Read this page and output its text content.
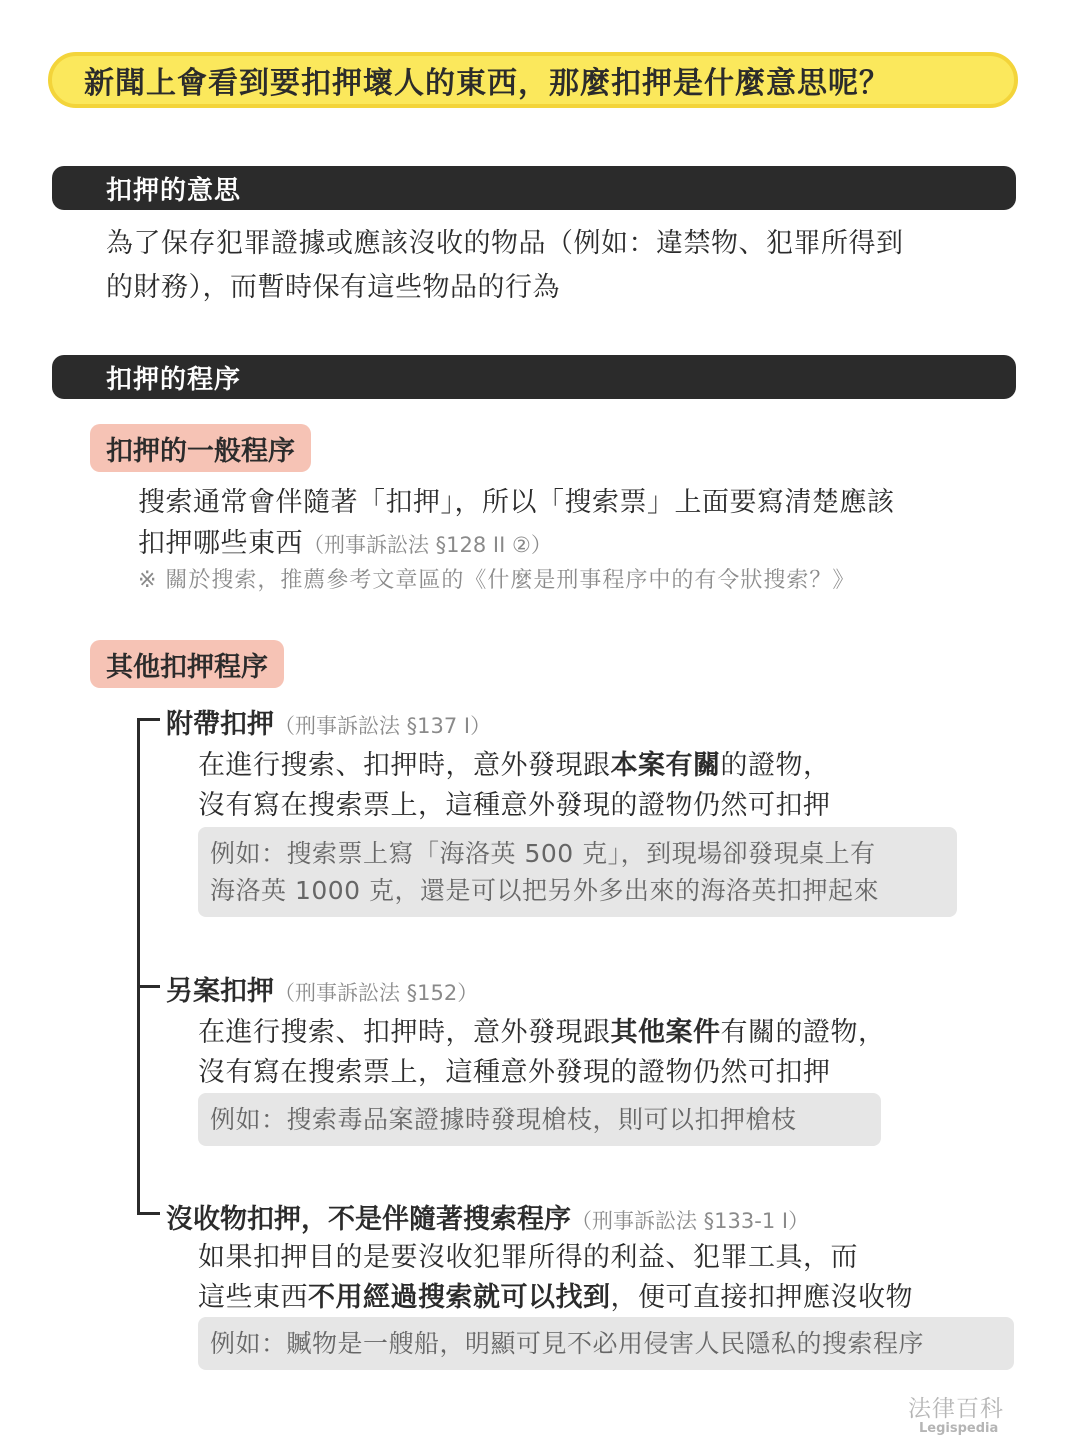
新聞上會看到要扣押壞人的東西，那麼扣押是什麼意思呢？
扣押的意思
為了保存犯罪證據或應該沒收的物品（例如：違禁物、犯罪所得到
的財務），而暫時保有這些物品的行為
扣押的程序
扣押的一般程序
搜索通常會伴隨著「扣押」，所以「搜索票」上面要寫清楚應該
扣押哪些東西（刑事訴訟法 §128 II ②）
※ 關於搜索，推薦參考文章區的《什麼是刑事程序中的有令狀搜索？》
其他扣押程序
附帶扣押（刑事訴訟法 §137 I）
在進行搜索、扣押時，意外發現跟本案有關的證物，
沒有寫在搜索票上，這種意外發現的證物仍然可扣押
例如：搜索票上寫「海洛英 500 克」，到現場卻發現桌上有
海洛英 1000 克，還是可以把另外多出來的海洛英扣押起來
另案扣押（刑事訴訟法 §152）
在進行搜索、扣押時，意外發現跟其他案件有關的證物，
沒有寫在搜索票上，這種意外發現的證物仍然可扣押
例如：搜索毒品案證據時發現槍枝，則可以扣押槍枝
沒收物扣押，不是伴隨著搜索程序（刑事訴訟法 §133-1 I）
如果扣押目的是要沒收犯罪所得的利益、犯罪工具，而
這些東西不用經過搜索就可以找到，便可直接扣押應沒收物
例如：贓物是一艘船，明顯可見不必用侵害人民隱私的搜索程序
法律百科
Legispedia
